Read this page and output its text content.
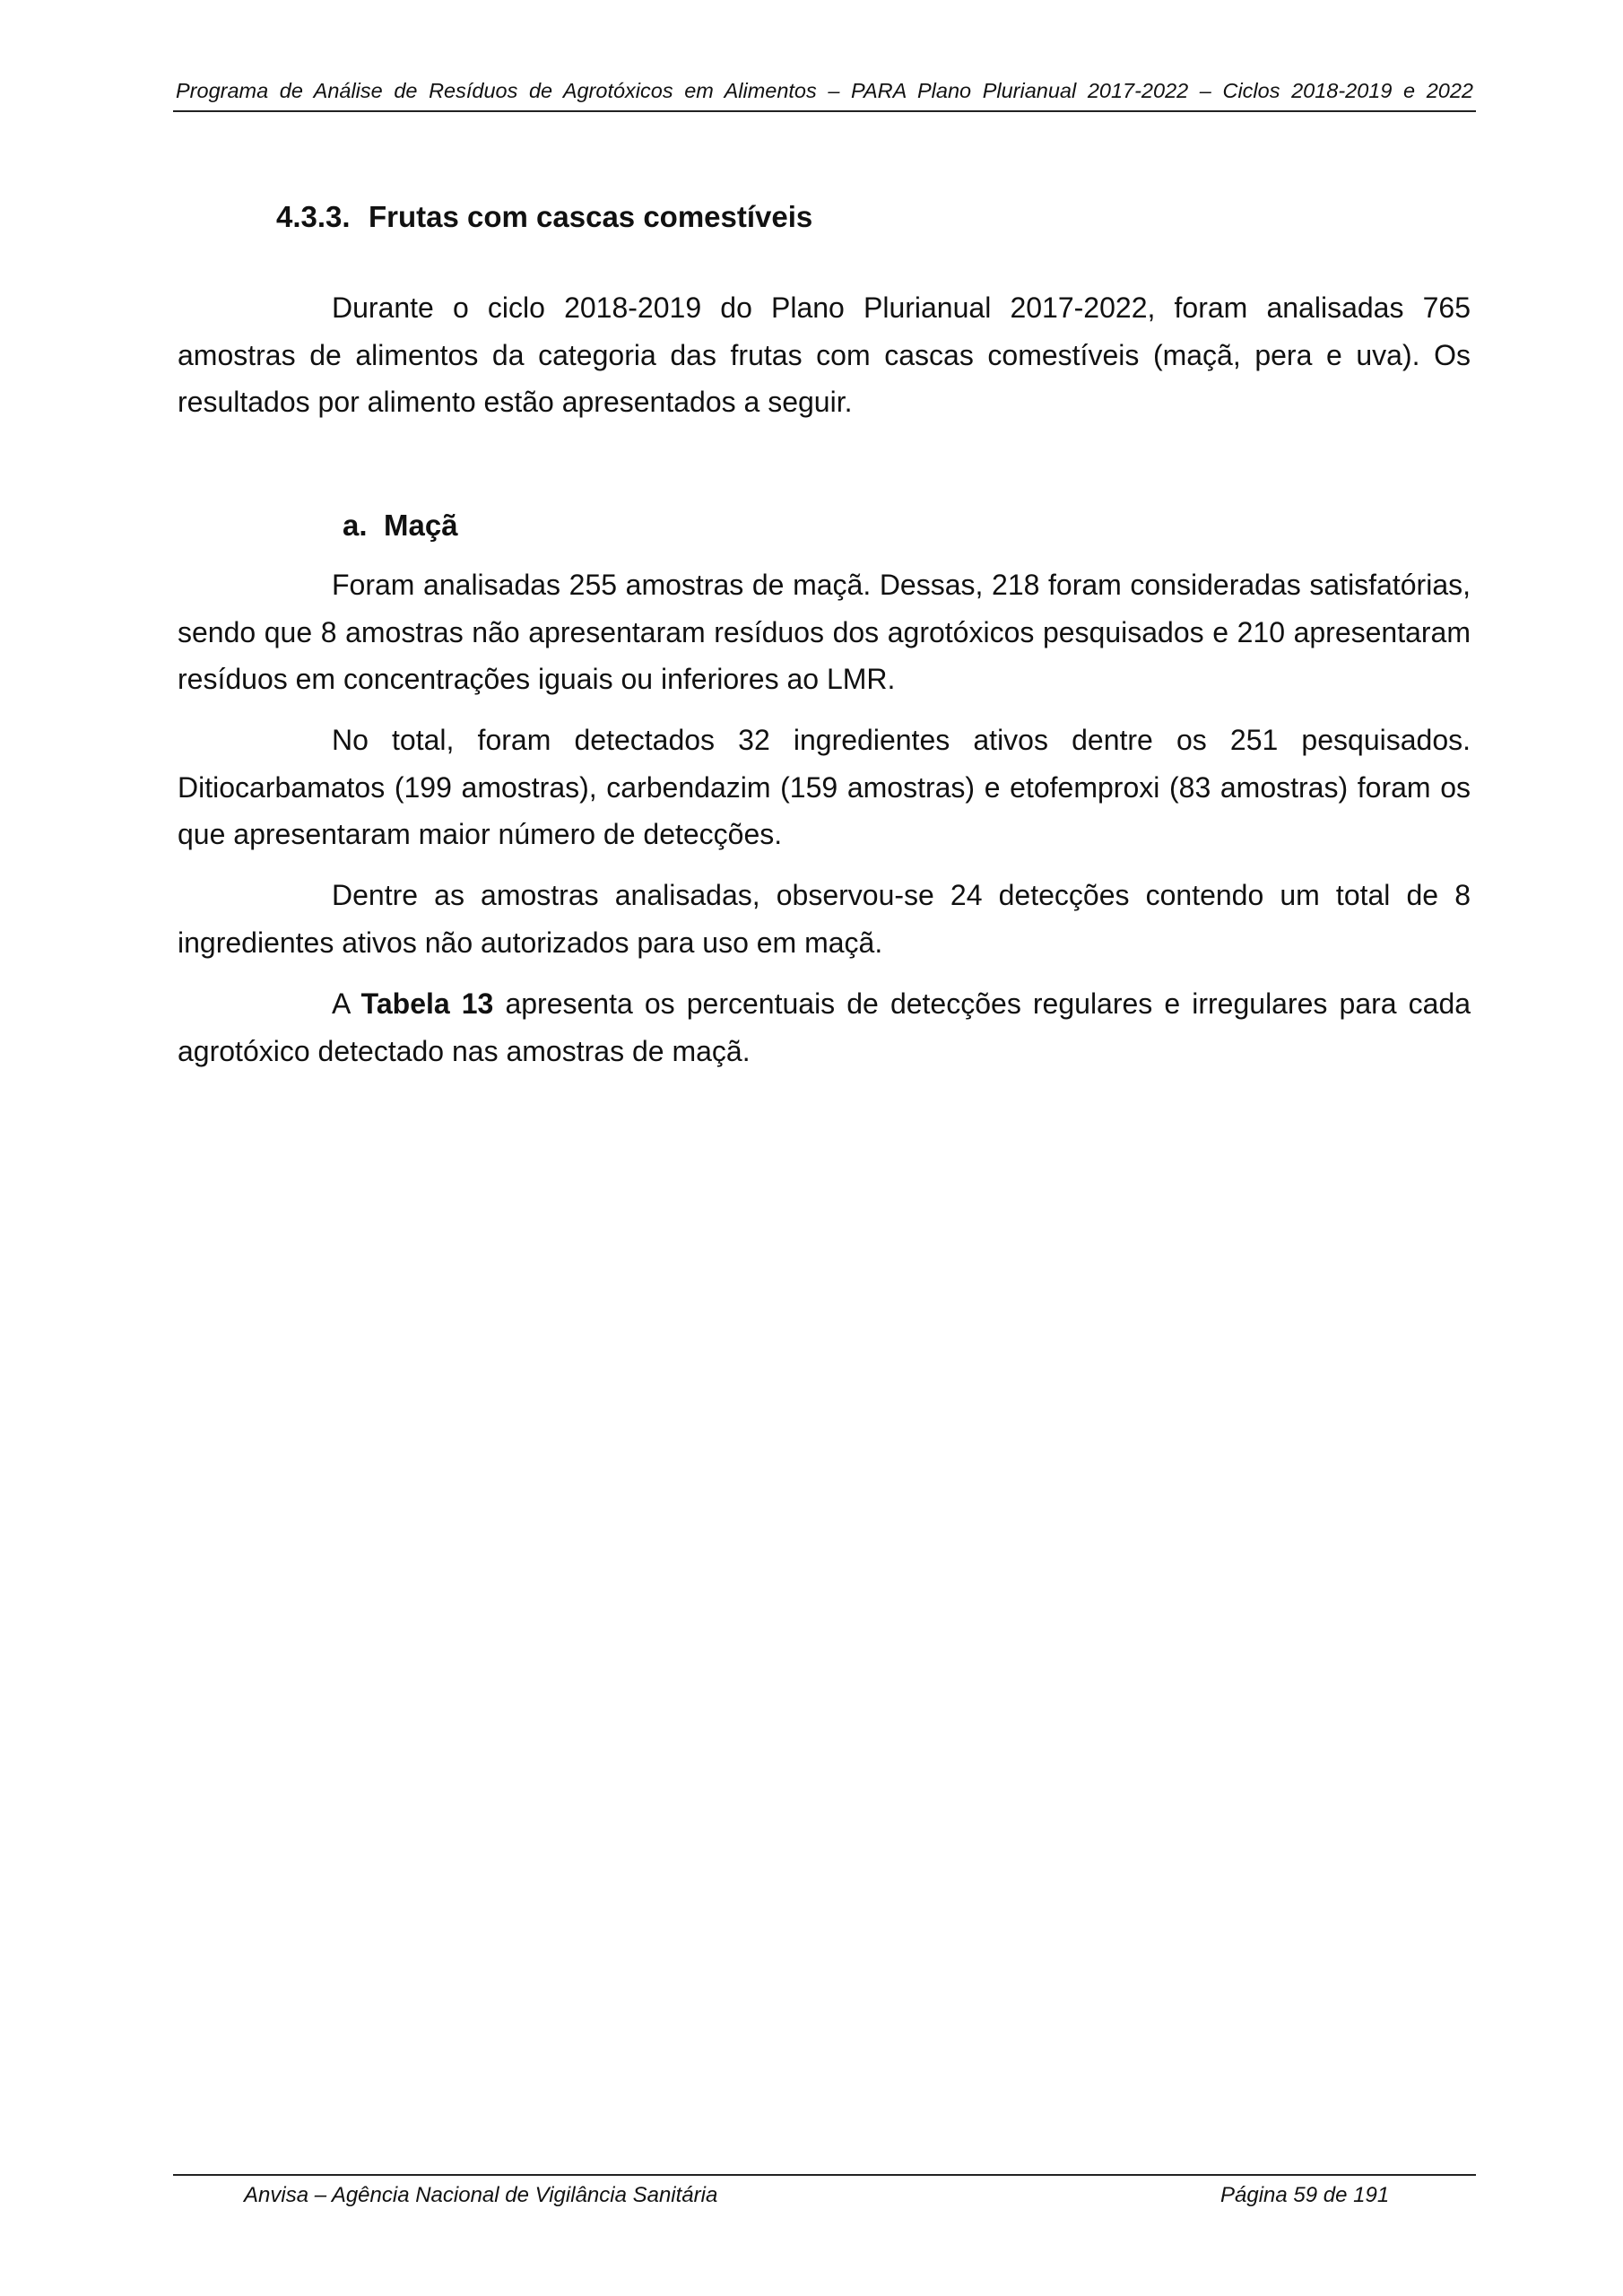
Programa de Análise de Resíduos de Agrotóxicos em Alimentos – PARA Plano Plurianual 2017-2022 – Ciclos 2018-2019 e 2022
4.3.3. Frutas com cascas comestíveis

Durante o ciclo 2018-2019 do Plano Plurianual 2017-2022, foram analisadas 765 amostras de alimentos da categoria das frutas com cascas comestíveis (maçã, pera e uva). Os resultados por alimento estão apresentados a seguir.

a. Maçã

Foram analisadas 255 amostras de maçã. Dessas, 218 foram consideradas satisfatórias, sendo que 8 amostras não apresentaram resíduos dos agrotóxicos pesquisados e 210 apresentaram resíduos em concentrações iguais ou inferiores ao LMR.

No total, foram detectados 32 ingredientes ativos dentre os 251 pesquisados. Ditiocarbamatos (199 amostras), carbendazim (159 amostras) e etofemproxi (83 amostras) foram os que apresentaram maior número de detecções.

Dentre as amostras analisadas, observou-se 24 detecções contendo um total de 8 ingredientes ativos não autorizados para uso em maçã.

A Tabela 13 apresenta os percentuais de detecções regulares e irregulares para cada agrotóxico detectado nas amostras de maçã.

Anvisa – Agência Nacional de Vigilância Sanitária	Página 59 de 191
